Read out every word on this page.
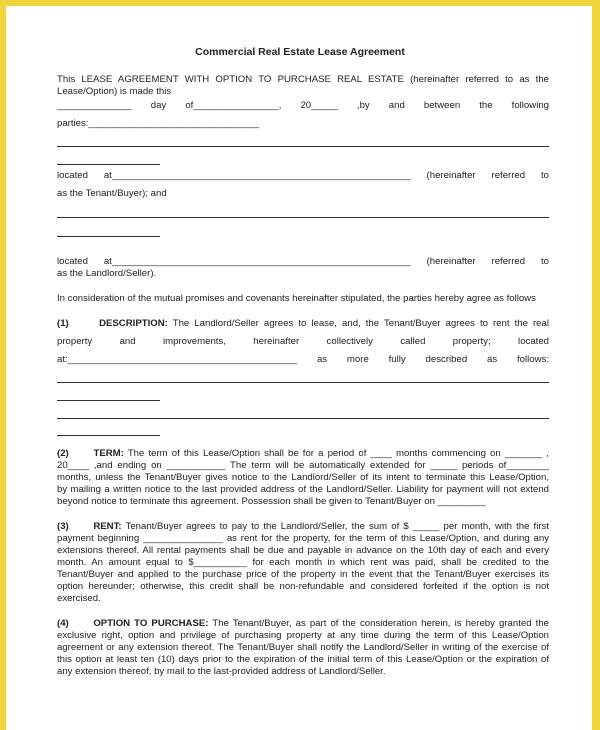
Commercial Real Estate Lease Agreement
This LEASE AGREEMENT WITH OPTION TO PURCHASE REAL ESTATE (hereinafter referred to as the
Lease/Option) is made this
______________ day of________________, 20_____ ,by and between the following
parties:________________________________
located at________________________________________________________ (hereinafter referred to
as the Tenant/Buyer); and
located at________________________________________________________ (hereinafter referred to
as the Landlord/Seller).
In consideration of the mutual promises and covenants hereinafter stipulated, the parties hereby agree as follows
(1)	DESCRIPTION: The Landlord/Seller agrees to lease, and, the Tenant/Buyer agrees to rent the real
property and improvements, hereinafter collectively called property; located
at:___________________________________________ as more fully described as follows:
(2)	TERM: The term of this Lease/Option shall be for a period of ____ months commencing on _______ ,
20____ ,and ending on ___________ The term will be automatically extended for _____ periods of________
months, unless the Tenant/Buyer gives notice to the Landlord/Seller of its intent to terminate this Lease/Option,
by mailing a written notice to the last provided address of the Landlord/Seller. Liability for payment will not extend
beyond notice to terminate this agreement. Possession shall be given to Tenant/Buyer on _________
(3)	RENT: Tenant/Buyer agrees to pay to the Landlord/Seller, the sum of $ _____ per month, with the first
payment beginning _______________ as rent for the property, for the term of this Lease/Option, and during any
extensions thereof. All rental payments shall be due and payable in advance on the 10th day of each and every
month. An amount equal to $__________ for each month in which rent was paid, shall be credited to the
Tenant/Buyer and applied to the purchase price of the property in the event that the Tenant/Buyer exercises its
option hereunder; otherwise, this credit shall be non-refundable and considered forfeited if the option is not
exercised.
(4)	OPTION TO PURCHASE: The Tenant/Buyer, as part of the consideration herein, is hereby granted the
exclusive right, option and privilege of purchasing property at any time during the term of this Lease/Option
agreement or any extension thereof. The Tenant/Buyer shall notify the Landlord/Seller in writing of the exercise of
this option at least ten (10) days prior to the expiration of the initial term of this Lease/Option or the expiration of
any extension thereof, by mail to the last-provided address of Landlord/Seller.
